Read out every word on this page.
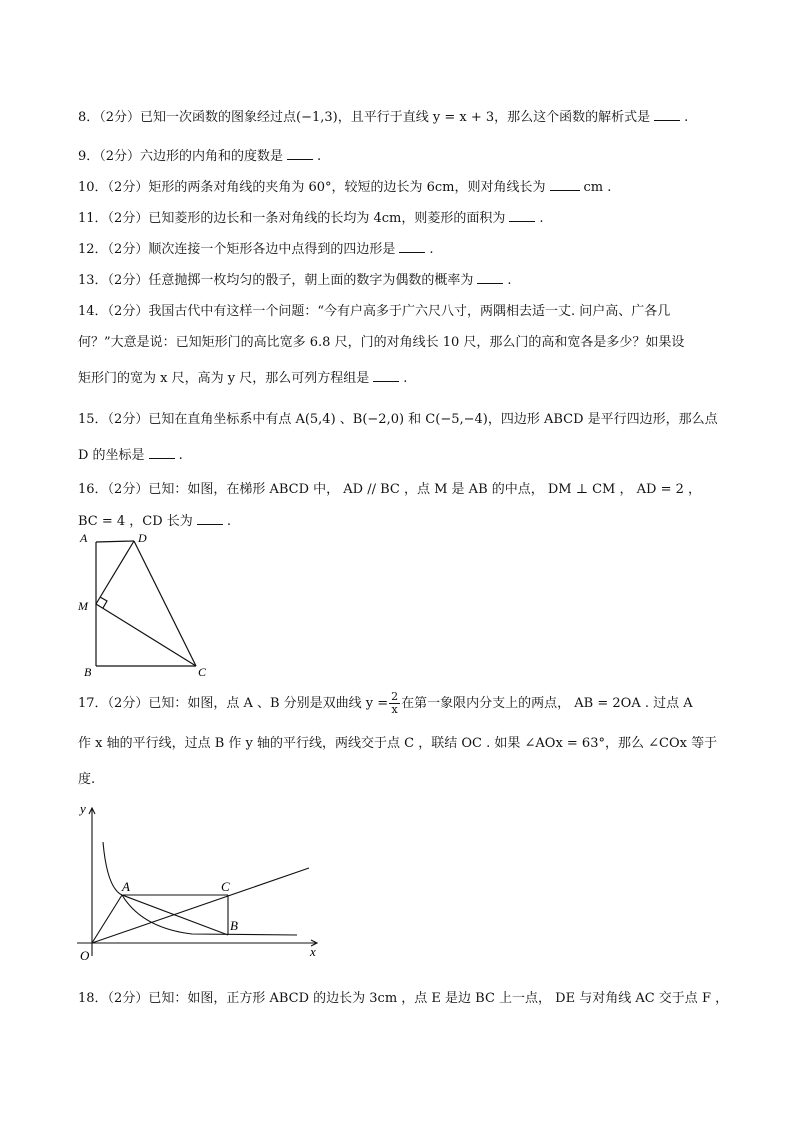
8．（2分）已知一次函数的图象经过点(−1,3)，且平行于直线 y = x + 3，那么这个函数的解析式是	.
9．（2分）六边形的内角和的度数是	.
10．（2分）矩形的两条对角线的夹角为 60°，较短的边长为 6cm，则对角线长为	cm .
11．（2分）已知菱形的边长和一条对角线的长均为 4cm，则菱形的面积为	.
12．（2分）顺次连接一个矩形各边中点得到的四边形是	.
13．（2分）任意抛掷一枚均匀的骰子，朝上面的数字为偶数的概率为	.
14．（2分）我国古代中有这样一个问题：“今有户高多于广六尺八寸，两隅相去适一丈. 问户高、广各几
何？”大意是说：已知矩形门的高比宽多 6.8 尺，门的对角线长 10 尺，那么门的高和宽各是多少？如果设
矩形门的宽为 x 尺，高为 y 尺，那么可列方程组是	.
15．（2分）已知在直角坐标系中有点 A(5,4) 、B(−2,0) 和 C(−5,−4)，四边形 ABCD 是平行四边形，那么点
D 的坐标是	.
16．（2分）已知：如图，在梯形 ABCD 中， AD // BC ，点 M 是 AB 的中点， DM ⊥ CM ， AD = 2 ，
BC = 4 ，CD 长为	.
A	D
M
B	C
17．（2分）已知：如图，点 A 、B 分别是双曲线 $y = \frac{2}{x}$ 在第一象限内分支上的两点， AB = 2OA . 过点 A
作 x 轴的平行线，过点 B 作 y 轴的平行线，两线交于点 C ，联结 OC . 如果 ∠AOx = 63°，那么 ∠COx 等于
度.
y
x
O
A	C
B
18．（2分）已知：如图，正方形 ABCD 的边长为 3cm ，点 E 是边 BC 上一点， DE 与对角线 AC 交于点 F ，
